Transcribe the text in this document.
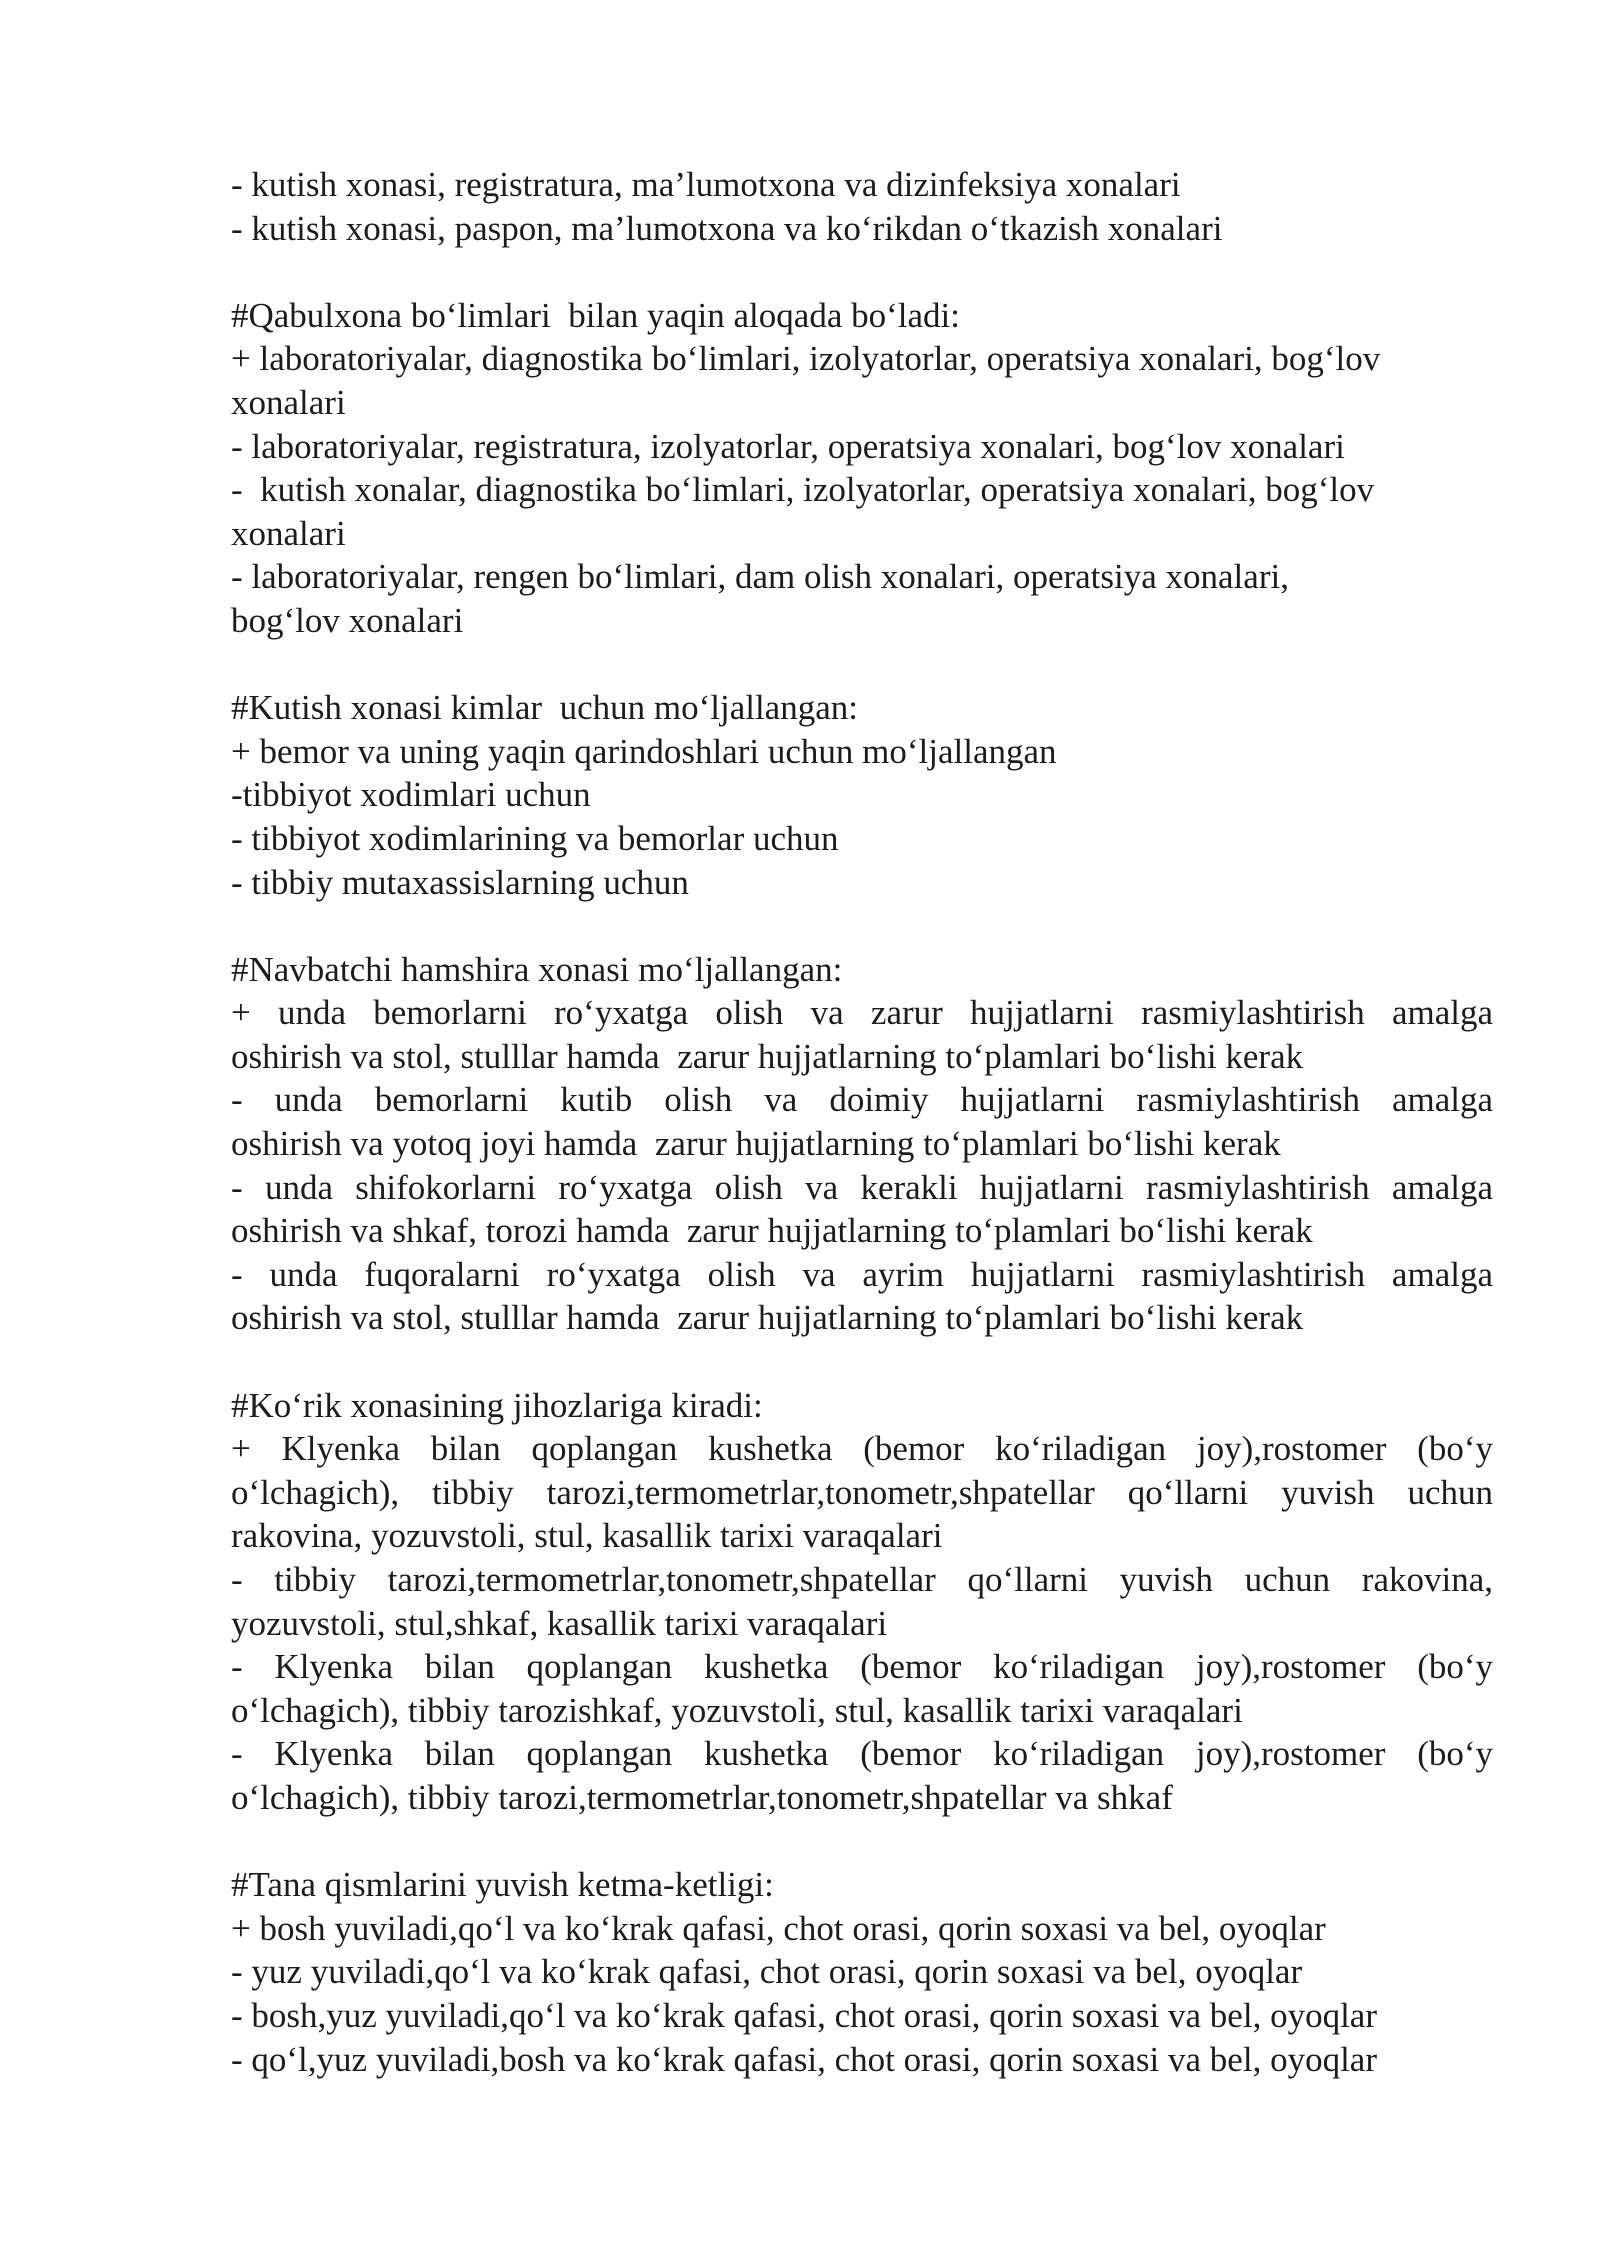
- kutish xonasi, registratura, ma’lumotxona va dizinfeksiya xonalari
- kutish xonasi, paspon, ma’lumotxona va ko‘rikdan o‘tkazish xonalari
#Qabulxona bo‘limlari  bilan yaqin aloqada bo‘ladi:
+ laboratoriyalar, diagnostika bo‘limlari, izolyatorlar, operatsiya xonalari, bog‘lov
xonalari
- laboratoriyalar, registratura, izolyatorlar, operatsiya xonalari, bog‘lov xonalari
-  kutish xonalar, diagnostika bo‘limlari, izolyatorlar, operatsiya xonalari, bog‘lov
xonalari
- laboratoriyalar, rengen bo‘limlari, dam olish xonalari, operatsiya xonalari,
bog‘lov xonalari
#Kutish xonasi kimlar  uchun mo‘ljallangan:
+ bemor va uning yaqin qarindoshlari uchun mo‘ljallangan
-tibbiyot xodimlari uchun
- tibbiyot xodimlarining va bemorlar uchun
- tibbiy mutaxassislarning uchun
#Navbatchi hamshira xonasi mo‘ljallangan:
+ unda bemorlarni ro‘yxatga olish va zarur hujjatlarni rasmiylashtirish amalga
oshirish va stol, stulllar hamda  zarur hujjatlarning to‘plamlari bo‘lishi kerak
- unda bemorlarni kutib olish va doimiy hujjatlarni rasmiylashtirish amalga
oshirish va yotoq joyi hamda  zarur hujjatlarning to‘plamlari bo‘lishi kerak
- unda shifokorlarni ro‘yxatga olish va kerakli hujjatlarni rasmiylashtirish amalga
oshirish va shkaf, torozi hamda  zarur hujjatlarning to‘plamlari bo‘lishi kerak
- unda fuqoralarni ro‘yxatga olish va ayrim hujjatlarni rasmiylashtirish amalga
oshirish va stol, stulllar hamda  zarur hujjatlarning to‘plamlari bo‘lishi kerak
#Ko‘rik xonasining jihozlariga kiradi:
+ Klyenka bilan qoplangan kushetka (bemor ko‘riladigan joy),rostomer (bo‘y
o‘lchagich), tibbiy tarozi,termometrlar,tonometr,shpatellar qo‘llarni yuvish uchun
rakovina, yozuvstoli, stul, kasallik tarixi varaqalari
- tibbiy tarozi,termometrlar,tonometr,shpatellar qo‘llarni yuvish uchun rakovina,
yozuvstoli, stul,shkaf, kasallik tarixi varaqalari
- Klyenka bilan qoplangan kushetka (bemor ko‘riladigan joy),rostomer (bo‘y
o‘lchagich), tibbiy tarozishkaf, yozuvstoli, stul, kasallik tarixi varaqalari
- Klyenka bilan qoplangan kushetka (bemor ko‘riladigan joy),rostomer (bo‘y
o‘lchagich), tibbiy tarozi,termometrlar,tonometr,shpatellar va shkaf
#Tana qismlarini yuvish ketma-ketligi:
+ bosh yuviladi,qo‘l va ko‘krak qafasi, chot orasi, qorin soxasi va bel, oyoqlar
- yuz yuviladi,qo‘l va ko‘krak qafasi, chot orasi, qorin soxasi va bel, oyoqlar
- bosh,yuz yuviladi,qo‘l va ko‘krak qafasi, chot orasi, qorin soxasi va bel, oyoqlar
- qo‘l,yuz yuviladi,bosh va ko‘krak qafasi, chot orasi, qorin soxasi va bel, oyoqlar
